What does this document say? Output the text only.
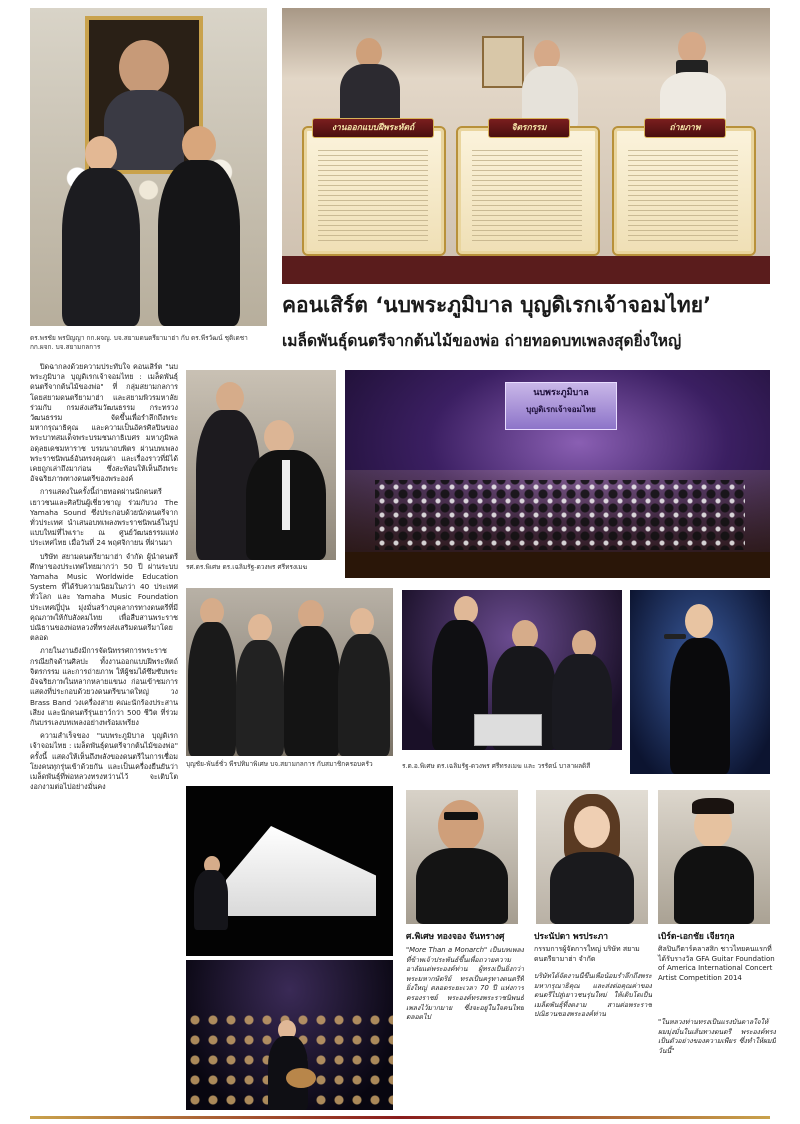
ดร.พรชัย พรปัญญา กก.ผจญ. บจ.สยามดนตรียามาฮ่า กับ ดร.พีรวัฒน์ ชุติเดชา กก.ผจก. บจ.สยามกลการ
งานออกแบบฝีพระหัตถ์	จิตรกรรม	ถ่ายภาพ
คอนเสิร์ต ‘นบพระภูมิบาล บุญดิเรกเจ้าจอมไทย’
เมล็ดพันธุ์ดนตรีจากต้นไม้ของพ่อ ถ่ายทอดบทเพลงสุดยิ่งใหญ่

ปิดฉากลงด้วยความประทับใจ คอนเสิร์ต "นบพระภูมิบาล บุญดิเรกเจ้าจอมไทย : เมล็ดพันธุ์ดนตรีจากต้นไม้ของพ่อ" ที่ กลุ่มสยามกลการ โดยสยามดนตรียามาฮ่า และสยามพิวรมหาลัย ร่วมกับ กรมส่งเสริมวัฒนธรรม กระทรวงวัฒนธรรม จัดขึ้นเพื่อรำลึกถึงพระมหากรุณาธิคุณ และความเป็นอัครศิลปินของพระบาทสมเด็จพระบรมชนกาธิเบศร มหาภูมิพลอดุลยเดชมหาราช บรมนาถบพิตร ผ่านบทเพลงพระราชนิพนธ์อันทรงคุณค่า และเรื่องราวที่มิได้เคยถูกเล่าถึงมาก่อน ซึ่งสะท้อนให้เห็นถึงพระอัจฉริยภาพทางดนตรีของพระองค์

การแสดงในครั้งนี้ถ่ายทอดผ่านนักดนตรีเยาวชนและศิลปินผู้เชี่ยวชาญ ร่วมกับวง The Yamaha Sound ซึ่งประกอบด้วยนักดนตรีจากทั่วประเทศ นำเสนอบทเพลงพระราชนิพนธ์ในรูปแบบใหม่ที่ไพเราะ ณ ศูนย์วัฒนธรรมแห่งประเทศไทย เมื่อวันที่ 24 พฤศจิกายน ที่ผ่านมา

บริษัท สยามดนตรียามาฮ่า จำกัด ผู้นำดนตรีศึกษาของประเทศไทยมากว่า 50 ปี ผ่านระบบ Yamaha Music Worldwide Education System ที่ได้รับความนิยมในกว่า 40 ประเทศทั่วโลก และ Yamaha Music Foundation ประเทศญี่ปุ่น มุ่งมั่นสร้างบุคลากรทางดนตรีที่มีคุณภาพให้กับสังคมไทย เพื่อสืบสานพระราชปณิธานของพ่อหลวงที่ทรงส่งเสริมดนตรีมาโดยตลอด

ภายในงานยังมีการจัดนิทรรศการพระราชกรณียกิจด้านศิลปะ ทั้งงานออกแบบฝีพระหัตถ์ จิตรกรรม และการถ่ายภาพ ให้ผู้ชมได้ซึมซับพระอัจฉริยภาพในหลากหลายแขนง ก่อนเข้าชมการแสดงที่ประกอบด้วยวงดนตรีขนาดใหญ่ วง Brass Band วงเครื่องสาย คณะนักร้องประสานเสียง และนักดนตรีรุ่นเยาว์กว่า 500 ชีวิต ที่ร่วมกันบรรเลงบทเพลงอย่างพร้อมเพรียง

ความสำเร็จของ "นบพระภูมิบาล บุญดิเรกเจ้าจอมไทย : เมล็ดพันธุ์ดนตรีจากต้นไม้ของพ่อ" ครั้งนี้ แสดงให้เห็นถึงพลังของดนตรีในการเชื่อมโยงคนทุกรุ่นเข้าด้วยกัน และเป็นเครื่องยืนยันว่าเมล็ดพันธุ์ที่พ่อหลวงทรงหว่านไว้ จะเติบโตงอกงามต่อไปอย่างมั่นคง

รศ.ดร.พิเศษ ดร.เฉลิมรัฐ-ดวงพร ศรีทรงเมฆ
นบพระภูมิบาล
บุญดิเรกเจ้าจอมไทย
บุญชัย-พันธ์ชั่ว พีรปทิมาพิเศษ บจ.สยามกลการ กับสมาชิกครอบครัว	ร.ต.อ.พิเศษ ดร.เฉลิมรัฐ-ดวงพร ศรีทรงเมฆ และ วรรัตน์ บาลาผลดิสี
ศ.พิเศษ ทองจอง จันทรางศุ
"More Than a Monarch" เป็นบทเพลงที่ข้าพเจ้าประพันธ์ขึ้นเพื่อถวายความอาลัยแด่พระองค์ท่าน ผู้ทรงเป็นยิ่งกว่าพระมหากษัตริย์ ทรงเป็นครูทางดนตรีที่ยิ่งใหญ่ ตลอดระยะเวลา 70 ปี แห่งการครองราชย์ พระองค์ทรงพระราชนิพนธ์เพลงไว้มากมาย ซึ่งจะอยู่ในใจคนไทยตลอดไป
ประนัปดา พรประภา
กรรมการผู้จัดการใหญ่ บริษัท สยามดนตรียามาฮ่า จำกัด
บริษัทได้จัดงานนี้ขึ้นเพื่อน้อมรำลึกถึงพระมหากรุณาธิคุณ และส่งต่อคุณค่าของดนตรีไปสู่เยาวชนรุ่นใหม่ ให้เติบโตเป็นเมล็ดพันธุ์ที่งดงาม สานต่อพระราชปณิธานของพระองค์ท่าน
เบิร์ด-เอกชัย เจียรกุล
ศิลปินกีตาร์คลาสสิก ชาวไทยคนแรกที่ได้รับรางวัล GFA Guitar Foundation of America International Concert Artist Competition 2014
"ในหลวงท่านทรงเป็นแรงบันดาลใจให้ผมมุ่งมั่นในเส้นทางดนตรี พระองค์ทรงเป็นตัวอย่างของความเพียร ซึ่งทำให้ผมมีวันนี้"
